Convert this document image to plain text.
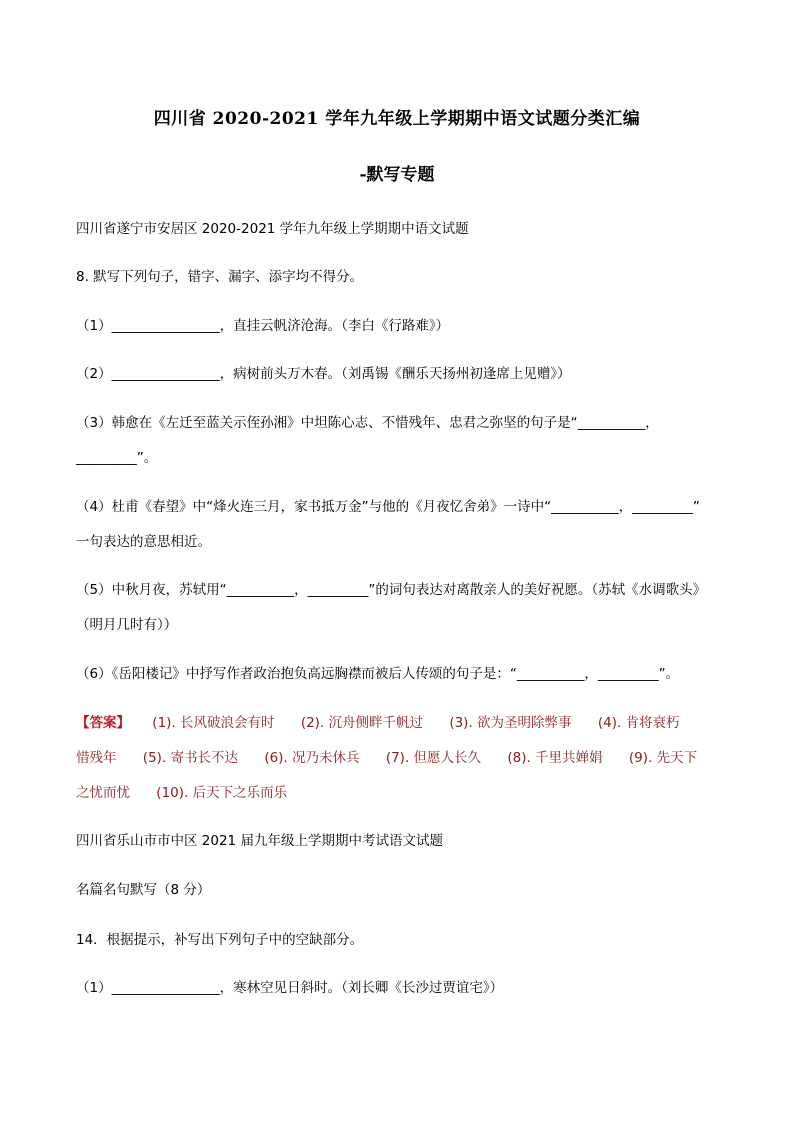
四川省 2020-2021 学年九年级上学期期中语文试题分类汇编
-默写专题
四川省遂宁市安居区 2020-2021 学年九年级上学期期中语文试题
8. 默写下列句子，错字、漏字、添字均不得分。
（1）________________，直挂云帆济沧海。（李白《行路难》）
（2）________________，病树前头万木春。（刘禹锡《酬乐天扬州初逢席上见赠》）
（3）韩愈在《左迁至蓝关示侄孙湘》中坦陈心志、不惜残年、忠君之弥坚的句子是“__________，
_________”。
（4）杜甫《春望》中“烽火连三月，家书抵万金”与他的《月夜忆舍弟》一诗中“__________，_________”
一句表达的意思相近。
（5）中秋月夜，苏轼用“__________，_________”的词句表达对离散亲人的美好祝愿。（苏轼《水调歌头》
（明月几时有））
（6）《岳阳楼记》中抒写作者政治抱负高远胸襟而被后人传颂的句子是：“__________，_________”。
【答案】 (1). 长风破浪会有时 (2). 沉舟侧畔千帆过 (3). 欲为圣明除弊事 (4). 肯将衰朽
惜残年 (5). 寄书长不达 (6). 况乃未休兵 (7). 但愿人长久 (8). 千里共婵娟 (9). 先天下
之忧而忧 (10). 后天下之乐而乐
四川省乐山市市中区 2021 届九年级上学期期中考试语文试题
名篇名句默写（8 分）
14．根据提示，补写出下列句子中的空缺部分。
（1）________________，寒林空见日斜时。（刘长卿《长沙过贾谊宅》）
